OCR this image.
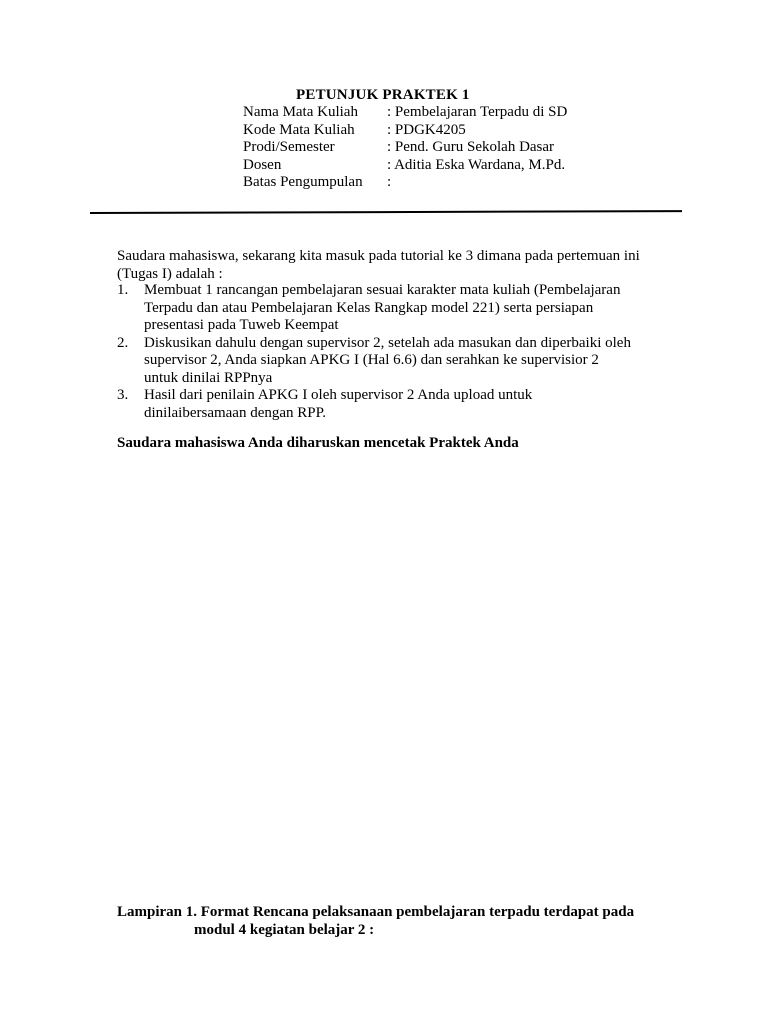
PETUNJUK PRAKTEK 1
Nama Mata Kuliah : Pembelajaran Terpadu di SD
Kode Mata Kuliah : PDGK4205
Prodi/Semester	: Pend. Guru Sekolah Dasar
Dosen	: Aditia Eska Wardana, M.Pd.
Batas Pengumpulan :
Saudara mahasiswa, sekarang kita masuk pada tutorial ke 3 dimana pada pertemuan ini (Tugas I) adalah :
1. Membuat 1 rancangan pembelajaran sesuai karakter mata kuliah (Pembelajaran
Terpadu dan atau Pembelajaran Kelas Rangkap model 221) serta persiapan
presentasi pada Tuweb Keempat
2. Diskusikan dahulu dengan supervisor 2, setelah ada masukan dan diperbaiki oleh
supervisor 2, Anda siapkan APKG I (Hal 6.6) dan serahkan ke supervisior 2
untuk dinilai RPPnya
3. Hasil dari penilain APKG I oleh supervisor 2 Anda upload untuk
dinilaibersamaan dengan RPP.
Saudara mahasiswa Anda diharuskan mencetak Praktek Anda
Lampiran 1. Format Rencana pelaksanaan pembelajaran terpadu terdapat pada
modul 4 kegiatan belajar 2 :
